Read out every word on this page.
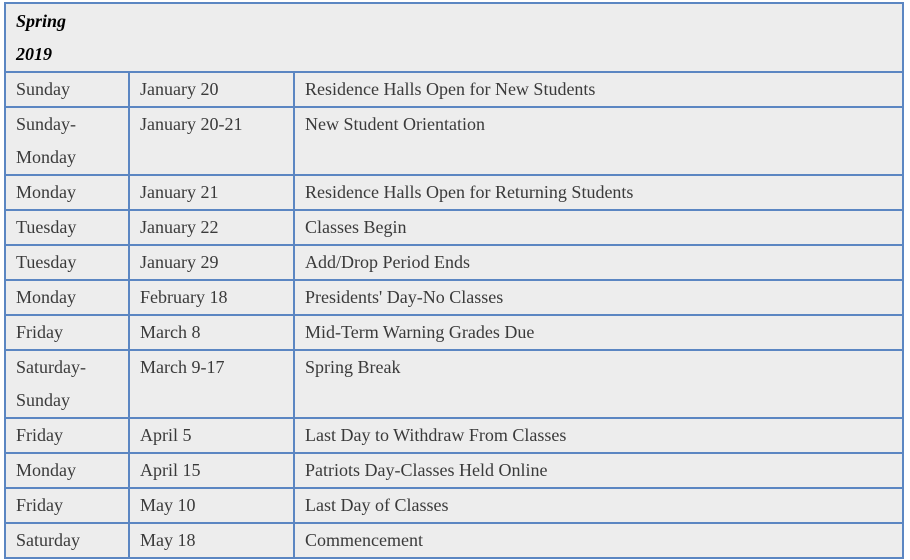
Spring
2019		

Sunday	January 20	Residence Halls Open for New Students

Sunday-
Monday	January 20-21	New Student Orientation

Monday	January 21	Residence Halls Open for Returning Students

Tuesday	January 22	Classes Begin

Tuesday	January 29	Add/Drop Period Ends

Monday	February 18	Presidents' Day-No Classes

Friday	March 8	Mid-Term Warning Grades Due

Saturday-
Sunday	March 9-17	Spring Break

Friday	April 5	Last Day to Withdraw From Classes

Monday	April 15	Patriots Day-Classes Held Online

Friday	May 10	Last Day of Classes

Saturday	May 18	Commencement
